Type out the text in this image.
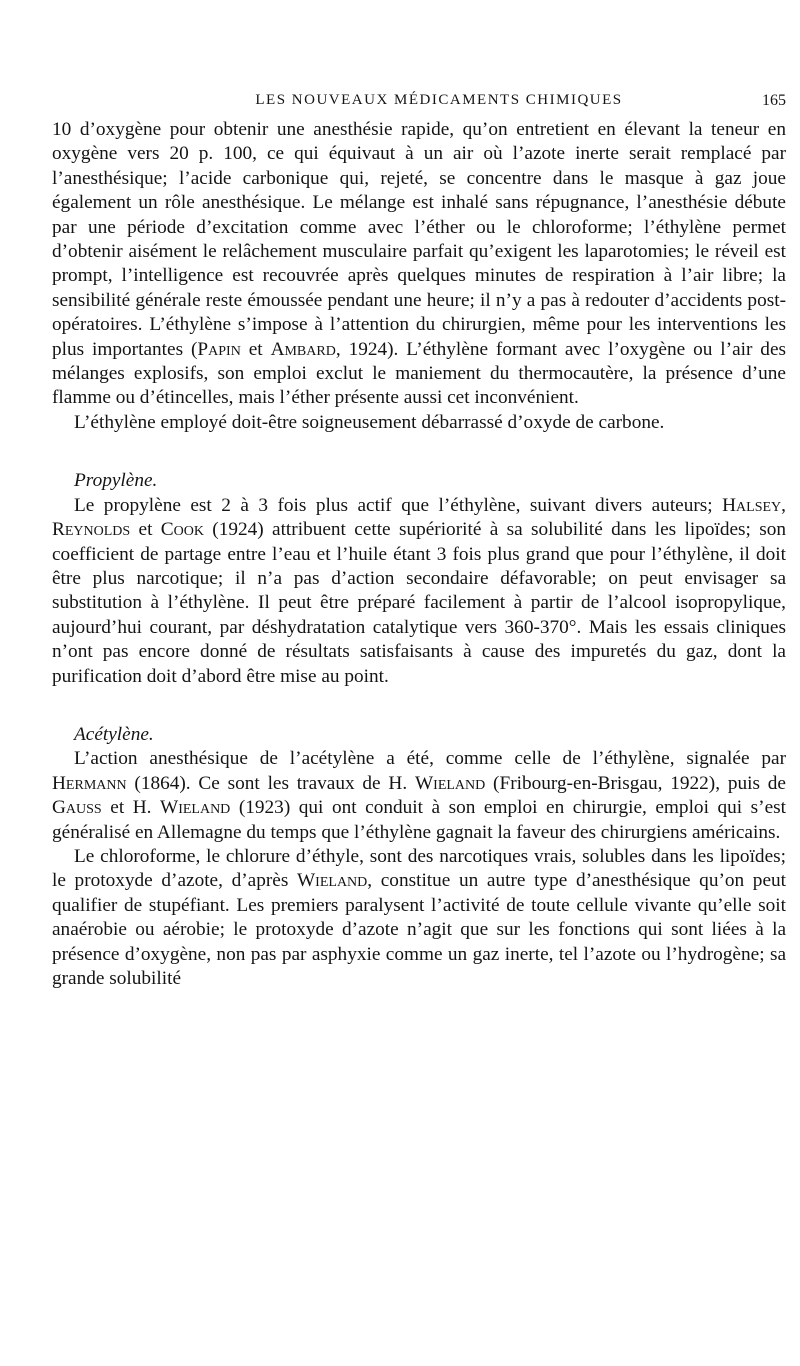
LES NOUVEAUX MÉDICAMENTS CHIMIQUES	165

10 d’oxygène pour obtenir une anesthésie rapide, qu’on entretient en élevant la teneur en oxygène vers 20 p. 100, ce qui équivaut à un air où l’azote inerte serait remplacé par l’anesthésique; l’acide carbonique qui, rejeté, se concentre dans le masque à gaz joue également un rôle anesthésique. Le mélange est inhalé sans répugnance, l’anesthésie débute par une période d’excitation comme avec l’éther ou le chloroforme; l’éthylène permet d’obtenir aisément le relâchement musculaire parfait qu’exigent les laparotomies; le réveil est prompt, l’intelligence est recouvrée après quelques minutes de respiration à l’air libre; la sensibilité générale reste émoussée pendant une heure; il n’y a pas à redouter d’accidents post-opératoires. L’éthylène s’impose à l’attention du chirurgien, même pour les interventions les plus importantes (Papin et Ambard, 1924). L’éthylène formant avec l’oxygène ou l’air des mélanges explosifs, son emploi exclut le maniement du thermocautère, la présence d’une flamme ou d’étincelles, mais l’éther présente aussi cet inconvénient.

L’éthylène employé doit-être soigneusement débarrassé d’oxyde de carbone.

Propylène.

Le propylène est 2 à 3 fois plus actif que l’éthylène, suivant divers auteurs; Halsey, Reynolds et Cook (1924) attribuent cette supériorité à sa solubilité dans les lipoïdes; son coefficient de partage entre l’eau et l’huile étant 3 fois plus grand que pour l’éthylène, il doit être plus narcotique; il n’a pas d’action secondaire défavorable; on peut envisager sa substitution à l’éthylène. Il peut être préparé facilement à partir de l’alcool isopropylique, aujourd’hui courant, par déshydratation catalytique vers 360-370°. Mais les essais cliniques n’ont pas encore donné de résultats satisfaisants à cause des impuretés du gaz, dont la purification doit d’abord être mise au point.

Acétylène.

L’action anesthésique de l’acétylène a été, comme celle de l’éthylène, signalée par Hermann (1864). Ce sont les travaux de H. Wieland (Fribourg-en-Brisgau, 1922), puis de Gauss et H. Wieland (1923) qui ont conduit à son emploi en chirurgie, emploi qui s’est généralisé en Allemagne du temps que l’éthylène gagnait la faveur des chirurgiens américains.

Le chloroforme, le chlorure d’éthyle, sont des narcotiques vrais, solubles dans les lipoïdes; le protoxyde d’azote, d’après Wieland, constitue un autre type d’anesthésique qu’on peut qualifier de stupéfiant. Les premiers paralysent l’activité de toute cellule vivante qu’elle soit anaérobie ou aérobie; le protoxyde d’azote n’agit que sur les fonctions qui sont liées à la présence d’oxygène, non pas par asphyxie comme un gaz inerte, tel l’azote ou l’hydrogène; sa grande solubilité
